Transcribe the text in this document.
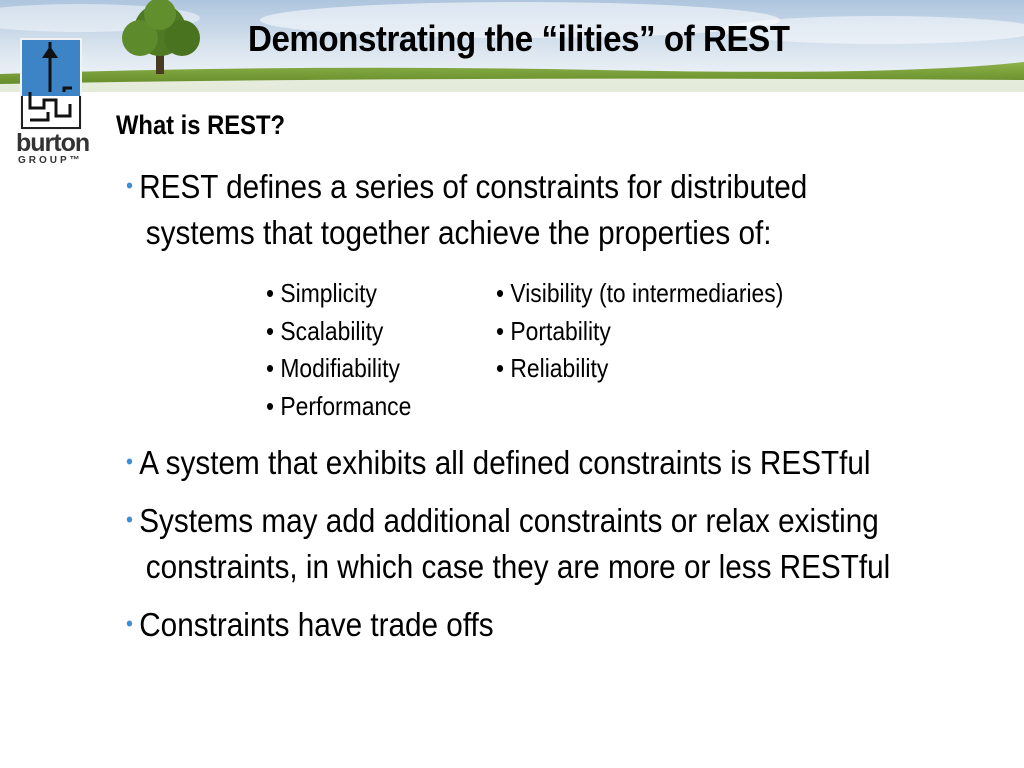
Demonstrating the “ilities” of REST
burton
GROUP™
What is REST?
• REST defines a series of constraints for distributed
systems that together achieve the properties of:
• A system that exhibits all defined constraints is RESTful
• Systems may add additional constraints or relax existing
constraints, in which case they are more or less RESTful
• Constraints have trade offs
• Simplicity
• Scalability
• Modifiability
• Performance
• Visibility (to intermediaries)
• Portability
• Reliability
